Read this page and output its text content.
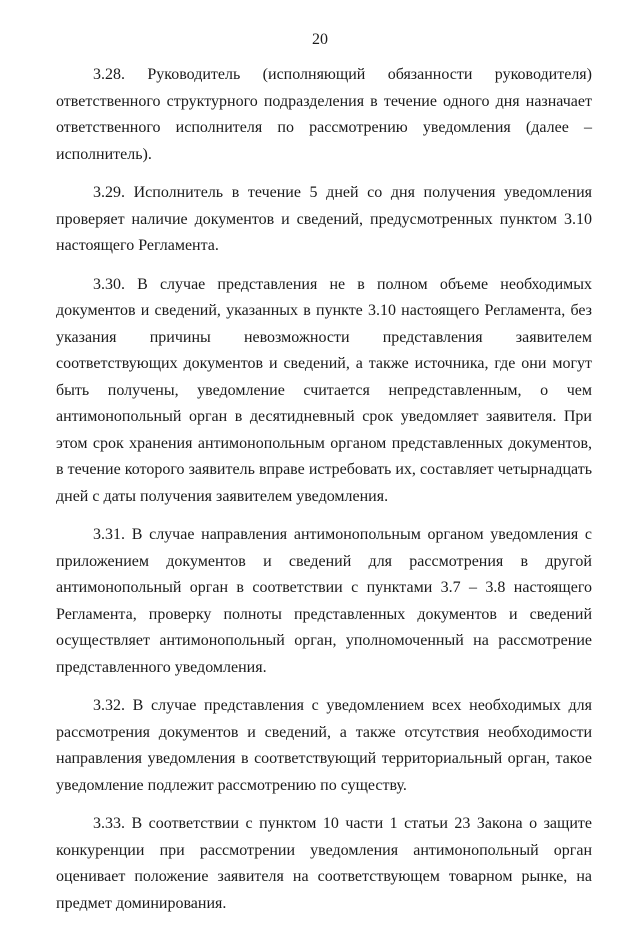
20

3.28. Руководитель (исполняющий обязанности руководителя) ответственного структурного подразделения в течение одного дня назначает ответственного исполнителя по рассмотрению уведомления (далее – исполнитель).

3.29. Исполнитель в течение 5 дней со дня получения уведомления проверяет наличие документов и сведений, предусмотренных пунктом 3.10 настоящего Регламента.

3.30. В случае представления не в полном объеме необходимых документов и сведений, указанных в пункте 3.10 настоящего Регламента, без указания причины невозможности представления заявителем соответствующих документов и сведений, а также источника, где они могут быть получены, уведомление считается непредставленным, о чем антимонопольный орган в десятидневный срок уведомляет заявителя. При этом срок хранения антимонопольным органом представленных документов, в течение которого заявитель вправе истребовать их, составляет четырнадцать дней с даты получения заявителем уведомления.

3.31. В случае направления антимонопольным органом уведомления с приложением документов и сведений для рассмотрения в другой антимонопольный орган в соответствии с пунктами 3.7 – 3.8 настоящего Регламента, проверку полноты представленных документов и сведений осуществляет антимонопольный орган, уполномоченный на рассмотрение представленного уведомления.

3.32. В случае представления с уведомлением всех необходимых для рассмотрения документов и сведений, а также отсутствия необходимости направления уведомления в соответствующий территориальный орган, такое уведомление подлежит рассмотрению по существу.

3.33. В соответствии с пунктом 10 части 1 статьи 23 Закона о защите конкуренции при рассмотрении уведомления антимонопольный орган оценивает положение заявителя на соответствующем товарном рынке, на предмет доминирования.
